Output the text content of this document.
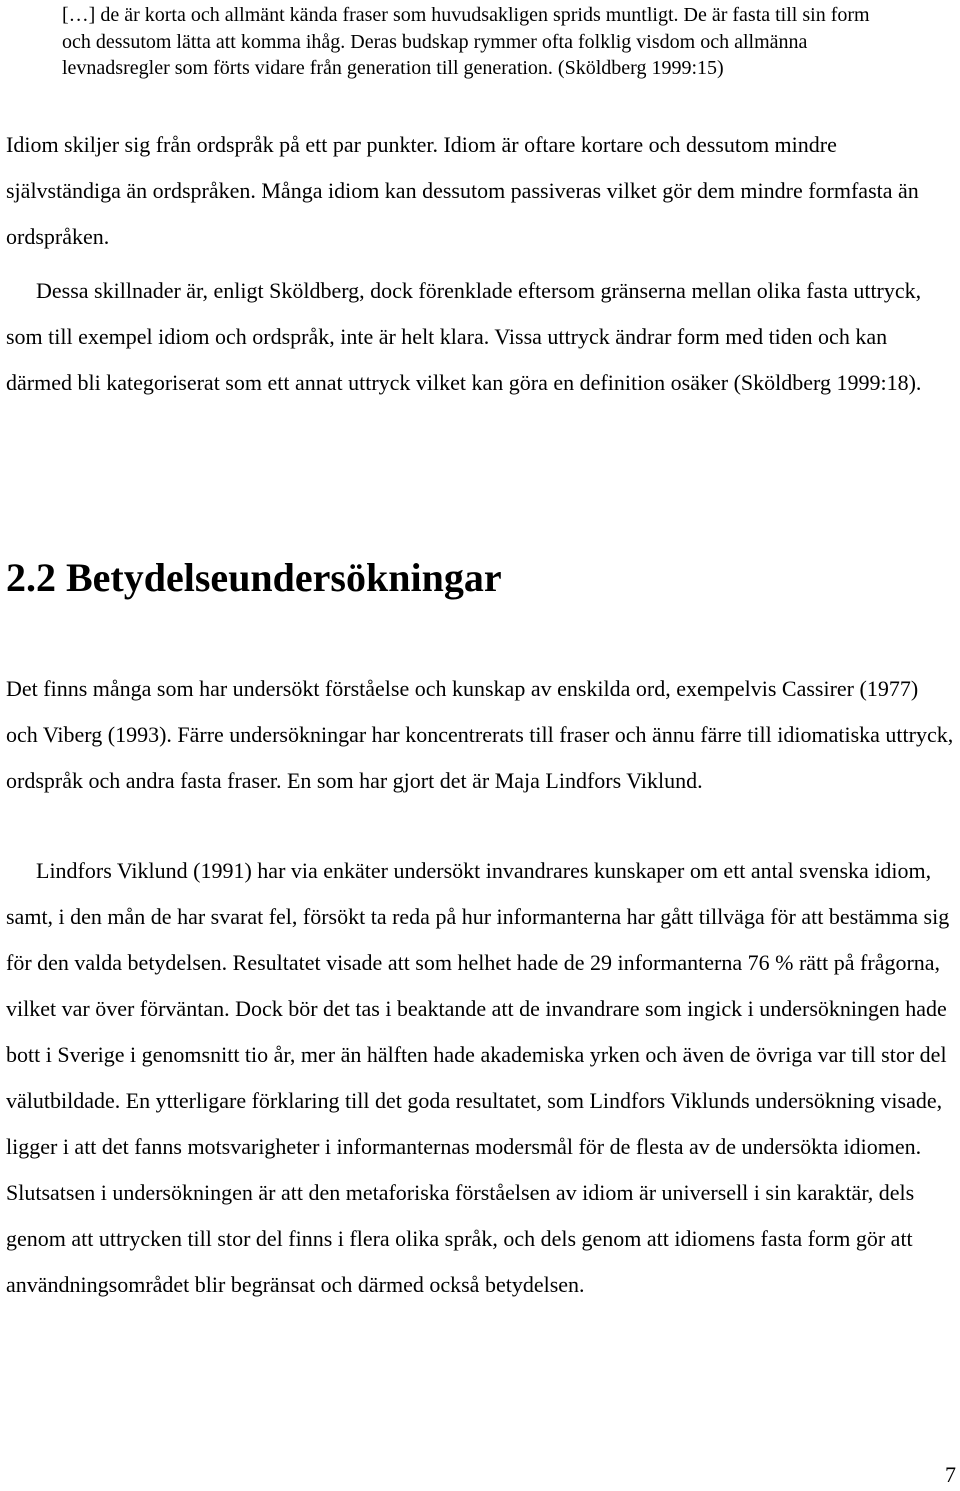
[…] de är korta och allmänt kända fraser som huvudsakligen sprids muntligt. De är fasta till sin form och dessutom lätta att komma ihåg. Deras budskap rymmer ofta folklig visdom och allmänna levnadsregler som förts vidare från generation till generation. (Sköldberg 1999:15)

Idiom skiljer sig från ordspråk på ett par punkter. Idiom är oftare kortare och dessutom mindre självständiga än ordspråken. Många idiom kan dessutom passiveras vilket gör dem mindre formfasta än ordspråken.

Dessa skillnader är, enligt Sköldberg, dock förenklade eftersom gränserna mellan olika fasta uttryck, som till exempel idiom och ordspråk, inte är helt klara. Vissa uttryck ändrar form med tiden och kan därmed bli kategoriserat som ett annat uttryck vilket kan göra en definition osäker (Sköldberg 1999:18).

2.2 Betydelseundersökningar

Det finns många som har undersökt förståelse och kunskap av enskilda ord, exempelvis Cassirer (1977) och Viberg (1993). Färre undersökningar har koncentrerats till fraser och ännu färre till idiomatiska uttryck, ordspråk och andra fasta fraser. En som har gjort det är Maja Lindfors Viklund.

Lindfors Viklund (1991) har via enkäter undersökt invandrares kunskaper om ett antal svenska idiom, samt, i den mån de har svarat fel, försökt ta reda på hur informanterna har gått tillväga för att bestämma sig för den valda betydelsen. Resultatet visade att som helhet hade de 29 informanterna 76 % rätt på frågorna, vilket var över förväntan. Dock bör det tas i beaktande att de invandrare som ingick i undersökningen hade bott i Sverige i genomsnitt tio år, mer än hälften hade akademiska yrken och även de övriga var till stor del välutbildade. En ytterligare förklaring till det goda resultatet, som Lindfors Viklunds undersökning visade, ligger i att det fanns motsvarigheter i informanternas modersmål för de flesta av de undersökta idiomen. Slutsatsen i undersökningen är att den metaforiska förståelsen av idiom är universell i sin karaktär, dels genom att uttrycken till stor del finns i flera olika språk, och dels genom att idiomens fasta form gör att användningsområdet blir begränsat och därmed också betydelsen.

7
